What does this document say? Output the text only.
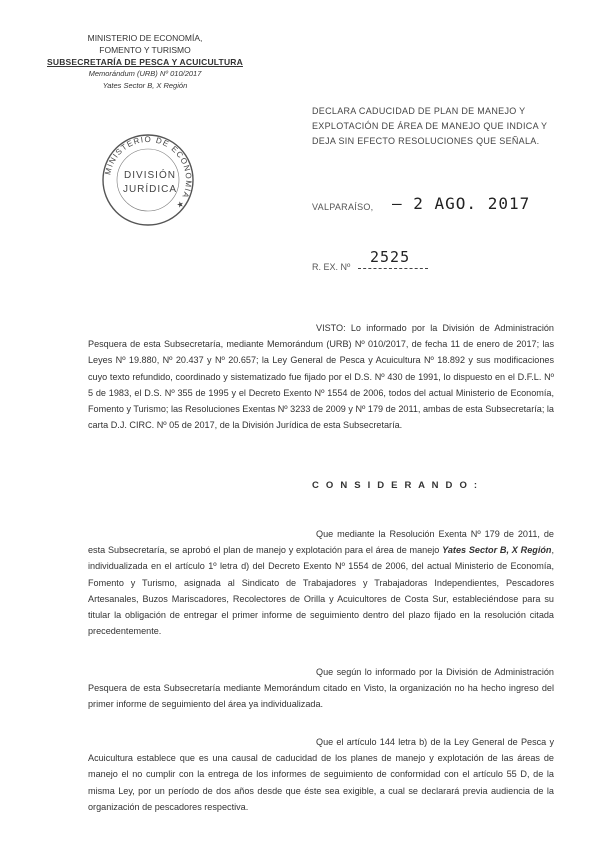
MINISTERIO DE ECONOMÍA,
FOMENTO Y TURISMO
SUBSECRETARÍA DE PESCA Y ACUICULTURA
Memorándum (URB) Nº 010/2017
Yates Sector B, X Región
MINISTERIO DE ECONOMÍA ★
DIVISIÓN
JURÍDICA
DECLARA CADUCIDAD DE PLAN DE MANEJO Y EXPLOTACIÓN DE ÁREA DE MANEJO QUE INDICA Y DEJA SIN EFECTO RESOLUCIONES QUE SEÑALA.
VALPARAÍSO, – 2 AGO. 2017
R. EX. Nº
2525
VISTO: Lo informado por la División de Administración Pesquera de esta Subsecretaría, mediante Memorándum (URB) Nº 010/2017, de fecha 11 de enero de 2017; las Leyes Nº 19.880, Nº 20.437 y Nº 20.657; la Ley General de Pesca y Acuicultura Nº 18.892 y sus modificaciones cuyo texto refundido, coordinado y sistematizado fue fijado por el D.S. Nº 430 de 1991, lo dispuesto en el D.F.L. Nº 5 de 1983, el D.S. Nº 355 de 1995 y el Decreto Exento Nº 1554 de 2006, todos del actual Ministerio de Economía, Fomento y Turismo; las Resoluciones Exentas Nº 3233 de 2009 y Nº 179 de 2011, ambas de esta Subsecretaría; la carta D.J. CIRC. Nº 05 de 2017, de la División Jurídica de esta Subsecretaría.
C O N S I D E R A N D O :
Que mediante la Resolución Exenta Nº 179 de 2011, de esta Subsecretaría, se aprobó el plan de manejo y explotación para el área de manejo Yates Sector B, X Región, individualizada en el artículo 1º letra d) del Decreto Exento Nº 1554 de 2006, del actual Ministerio de Economía, Fomento y Turismo, asignada al Sindicato de Trabajadores y Trabajadoras Independientes, Pescadores Artesanales, Buzos Mariscadores, Recolectores de Orilla y Acuicultores de Costa Sur, estableciéndose para su titular la obligación de entregar el primer informe de seguimiento dentro del plazo fijado en la resolución citada precedentemente.
Que según lo informado por la División de Administración Pesquera de esta Subsecretaría mediante Memorándum citado en Visto, la organización no ha hecho ingreso del primer informe de seguimiento del área ya individualizada.
Que el artículo 144 letra b) de la Ley General de Pesca y Acuicultura establece que es una causal de caducidad de los planes de manejo y explotación de las áreas de manejo el no cumplir con la entrega de los informes de seguimiento de conformidad con el artículo 55 D, de la misma Ley, por un período de dos años desde que éste sea exigible, a cual se declarará previa audiencia de la organización de pescadores respectiva.
